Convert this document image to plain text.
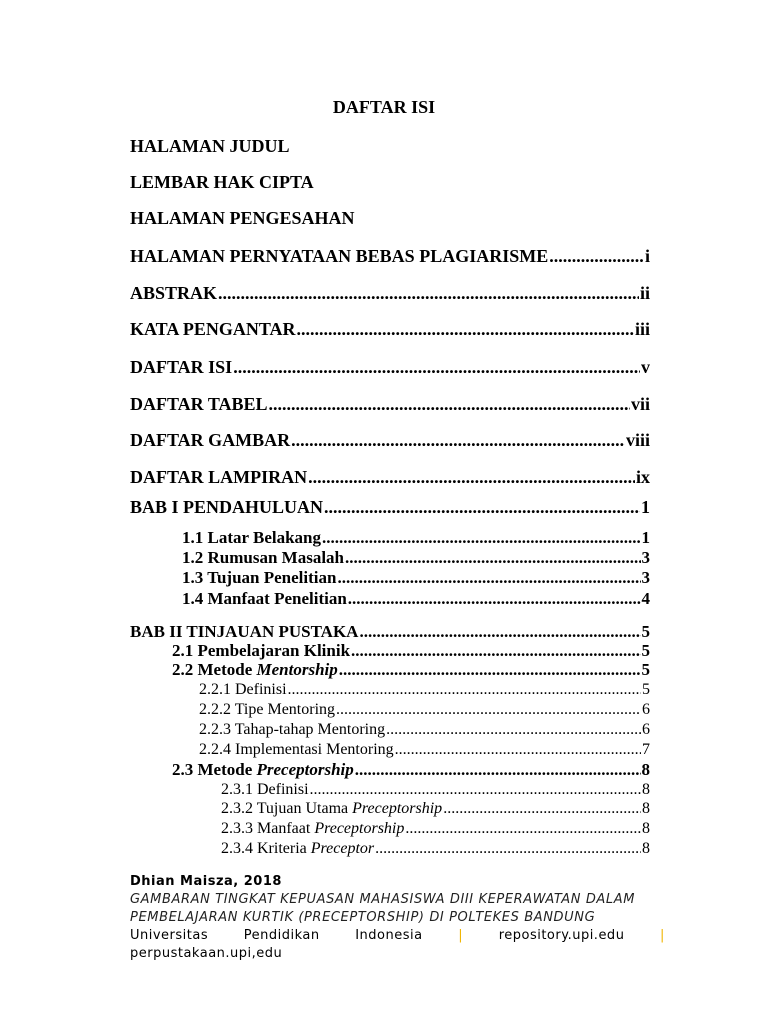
DAFTAR ISI
HALAMAN JUDUL
LEMBAR HAK CIPTA
HALAMAN PENGESAHAN
HALAMAN PERNYATAAN BEBAS PLAGIARISME .....	i
ABSTRAK .....	ii
KATA PENGANTAR .....	iii
DAFTAR ISI .....	v
DAFTAR TABEL .....	vii
DAFTAR GAMBAR .....	viii
DAFTAR LAMPIRAN .....	ix
BAB I PENDAHULUAN .....	1
1.1 Latar Belakang .....	1
1.2 Rumusan Masalah .....	3
1.3 Tujuan Penelitian .....	3
1.4 Manfaat Penelitian .....	4
BAB II TINJAUAN PUSTAKA .....	5
2.1 Pembelajaran Klinik .....	5
2.2 Metode Mentorship .....	5
2.2.1 Definisi .....	5
2.2.2 Tipe Mentoring .....	6
2.2.3 Tahap-tahap Mentoring .....	6
2.2.4 Implementasi Mentoring .....	7
2.3 Metode Preceptorship .....	8
2.3.1 Definisi .....	8
2.3.2 Tujuan Utama Preceptorship .....	8
2.3.3 Manfaat Preceptorship .....	8
2.3.4 Kriteria Preceptor .....	8
Dhian Maisza, 2018
GAMBARAN TINGKAT KEPUASAN MAHASISWA DIII KEPERAWATAN DALAM
PEMBELAJARAN KURTIK (PRECEPTORSHIP) DI POLTEKES BANDUNG
Universitas	Pendidikan	Indonesia	|	repository.upi.edu	|
perpustakaan.upi,edu
